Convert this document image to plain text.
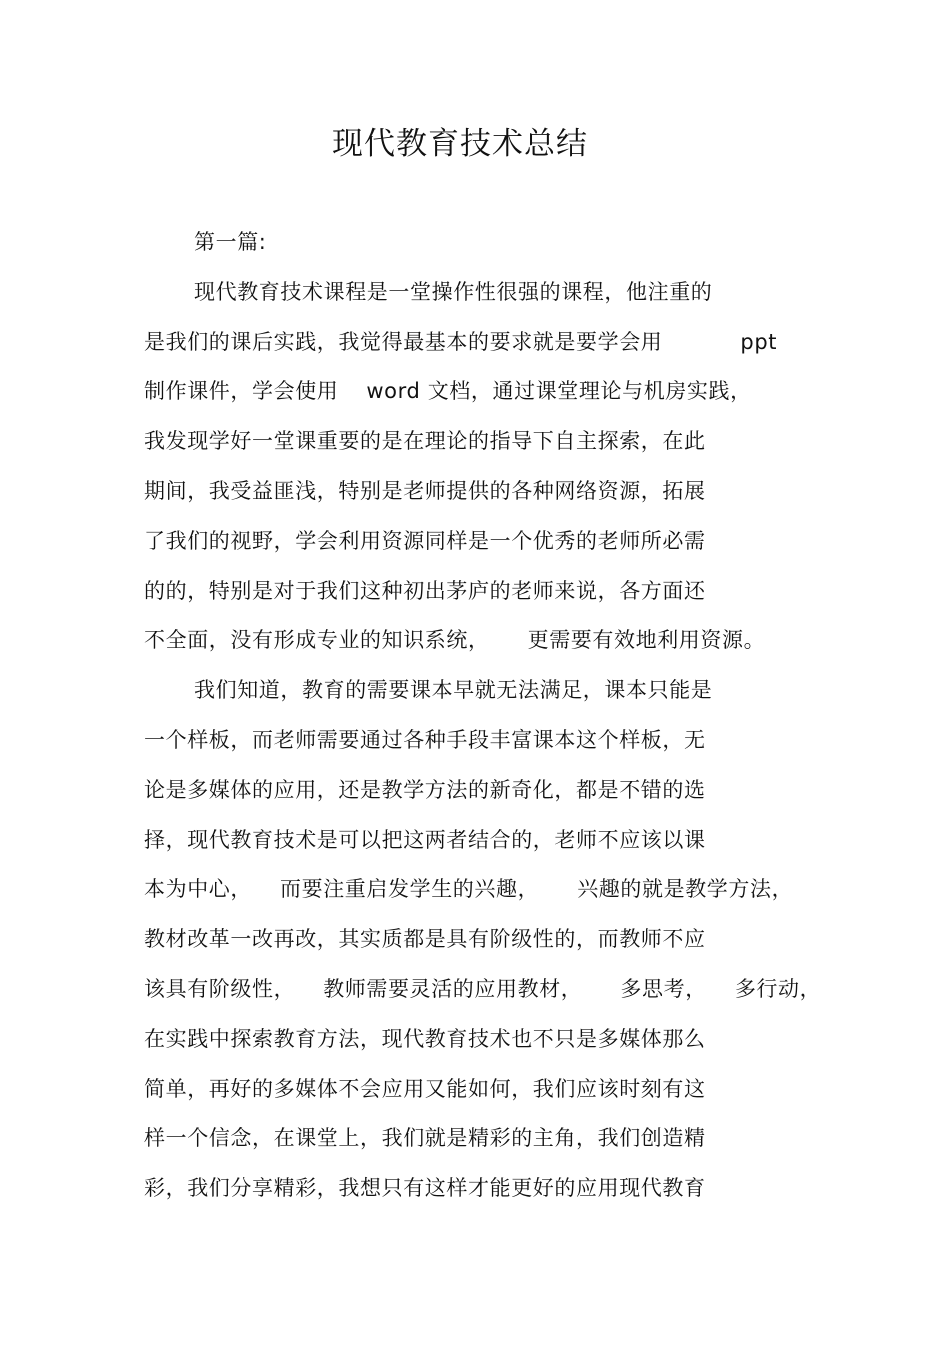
现代教育技术总结
第一篇:
现代教育技术课程是一堂操作性很强的课程，他注重的
是我们的课后实践，我觉得最基本的要求就是要学会用	ppt
制作课件，学会使用 word 文档，通过课堂理论与机房实践，
我发现学好一堂课重要的是在理论的指导下自主探索，在此
期间，我受益匪浅，特别是老师提供的各种网络资源，拓展
了我们的视野，学会利用资源同样是一个优秀的老师所必需
的的，特别是对于我们这种初出茅庐的老师来说，各方面还
不全面，没有形成专业的知识系统， 更需要有效地利用资源。
我们知道，教育的需要课本早就无法满足，课本只能是
一个样板，而老师需要通过各种手段丰富课本这个样板，无
论是多媒体的应用，还是教学方法的新奇化，都是不错的选
择，现代教育技术是可以把这两者结合的，老师不应该以课
本为中心， 而要注重启发学生的兴趣， 兴趣的就是教学方法，
教材改革一改再改，其实质都是具有阶级性的，而教师不应
该具有阶级性， 教师需要灵活的应用教材， 多思考， 多行动，
在实践中探索教育方法，现代教育技术也不只是多媒体那么
简单，再好的多媒体不会应用又能如何，我们应该时刻有这
样一个信念，在课堂上，我们就是精彩的主角，我们创造精
彩，我们分享精彩，我想只有这样才能更好的应用现代教育
